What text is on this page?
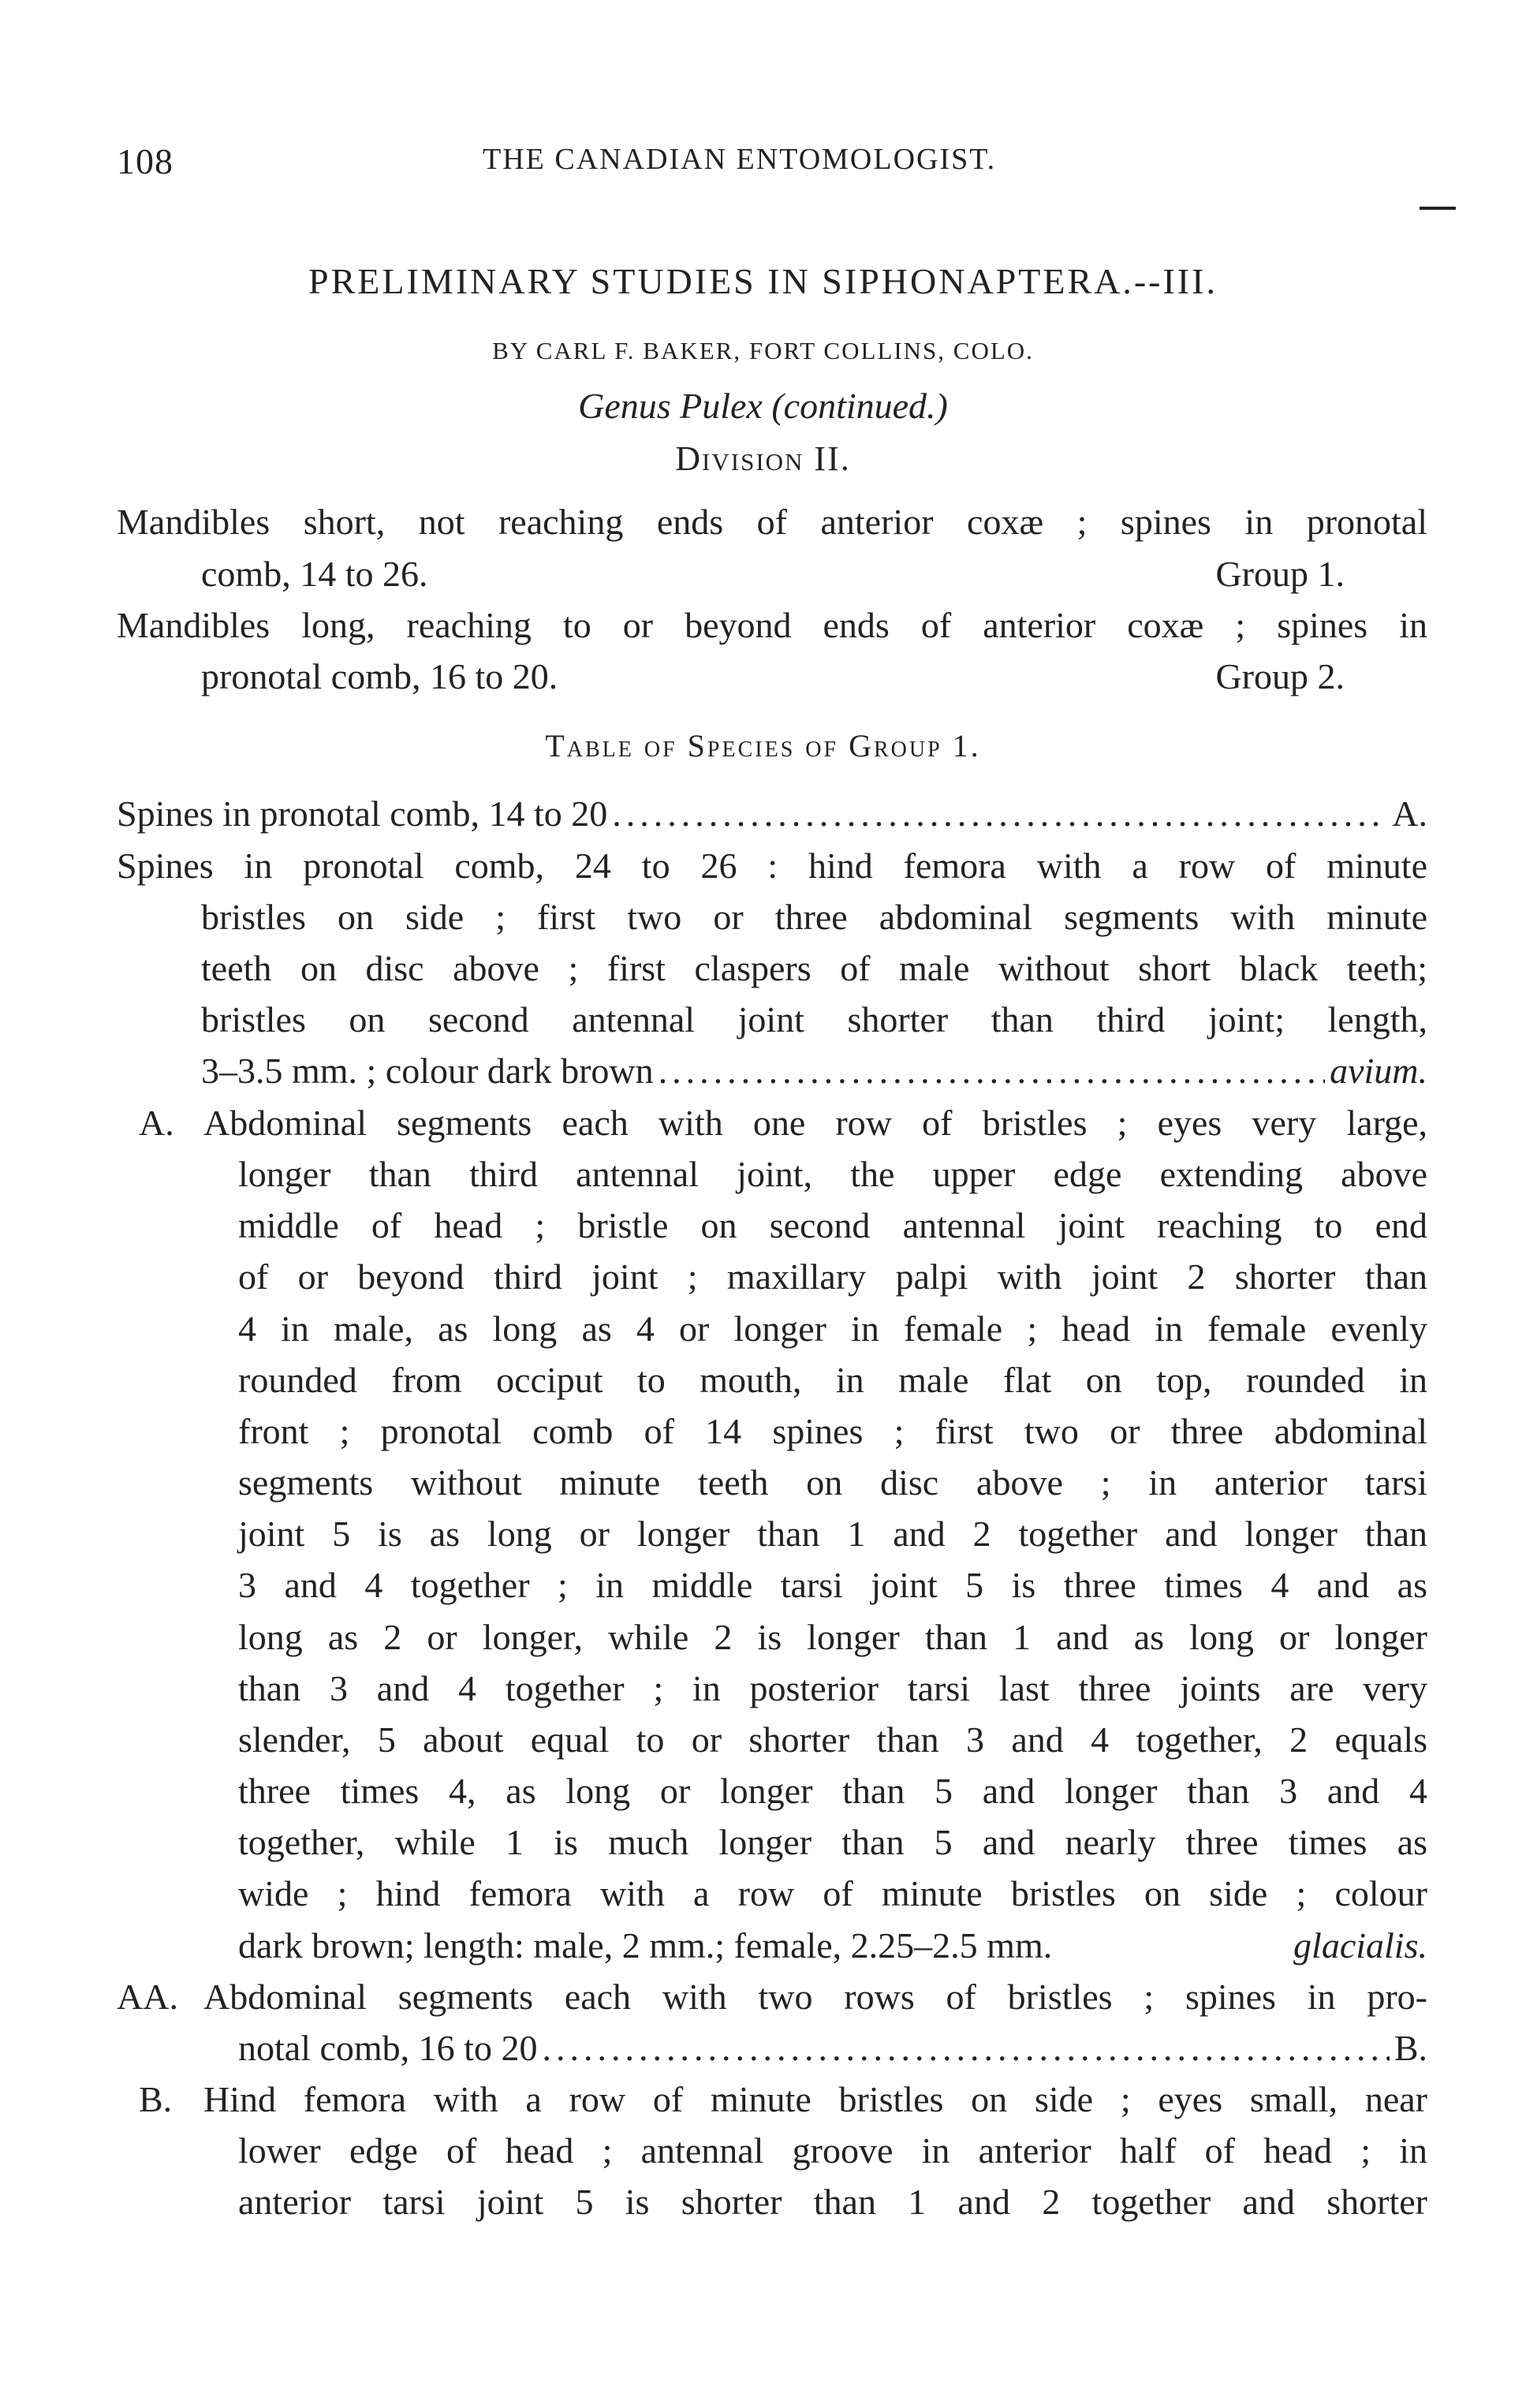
108	THE CANADIAN ENTOMOLOGIST.
PRELIMINARY STUDIES IN SIPHONAPTERA.--III.
BY CARL F. BAKER, FORT COLLINS, COLO.
Genus Pulex (continued.)
Division II.
Mandibles short, not reaching ends of anterior coxæ ; spines in pronotal
comb, 14 to 26.	Group 1.
Mandibles long, reaching to or beyond ends of anterior coxæ ; spines in
pronotal comb, 16 to 20.	Group 2.
Table of Species of Group 1.
Spines in pronotal comb, 14 to 20 .....	A.
Spines in pronotal comb, 24 to 26 : hind femora with a row of minute
bristles on side ; first two or three abdominal segments with minute
teeth on disc above ; first claspers of male without short black teeth;
bristles on second antennal joint shorter than third joint; length,
3–3.5 mm. ; colour dark brown .....	avium.
A. Abdominal segments each with one row of bristles ; eyes very large,
longer than third antennal joint, the upper edge extending above
middle of head ; bristle on second antennal joint reaching to end
of or beyond third joint ; maxillary palpi with joint 2 shorter than
4 in male, as long as 4 or longer in female ; head in female evenly
rounded from occiput to mouth, in male flat on top, rounded in
front ; pronotal comb of 14 spines ; first two or three abdominal
segments without minute teeth on disc above ; in anterior tarsi
joint 5 is as long or longer than 1 and 2 together and longer than
3 and 4 together ; in middle tarsi joint 5 is three times 4 and as
long as 2 or longer, while 2 is longer than 1 and as long or longer
than 3 and 4 together ; in posterior tarsi last three joints are very
slender, 5 about equal to or shorter than 3 and 4 together, 2 equals
three times 4, as long or longer than 5 and longer than 3 and 4
together, while 1 is much longer than 5 and nearly three times as
wide ; hind femora with a row of minute bristles on side ; colour
dark brown; length: male, 2 mm.; female, 2.25–2.5 mm.	glacialis.
AA. Abdominal segments each with two rows of bristles ; spines in pro-
notal comb, 16 to 20 .....	B.
B. Hind femora with a row of minute bristles on side ; eyes small, near
lower edge of head ; antennal groove in anterior half of head ; in
anterior tarsi joint 5 is shorter than 1 and 2 together and shorter
